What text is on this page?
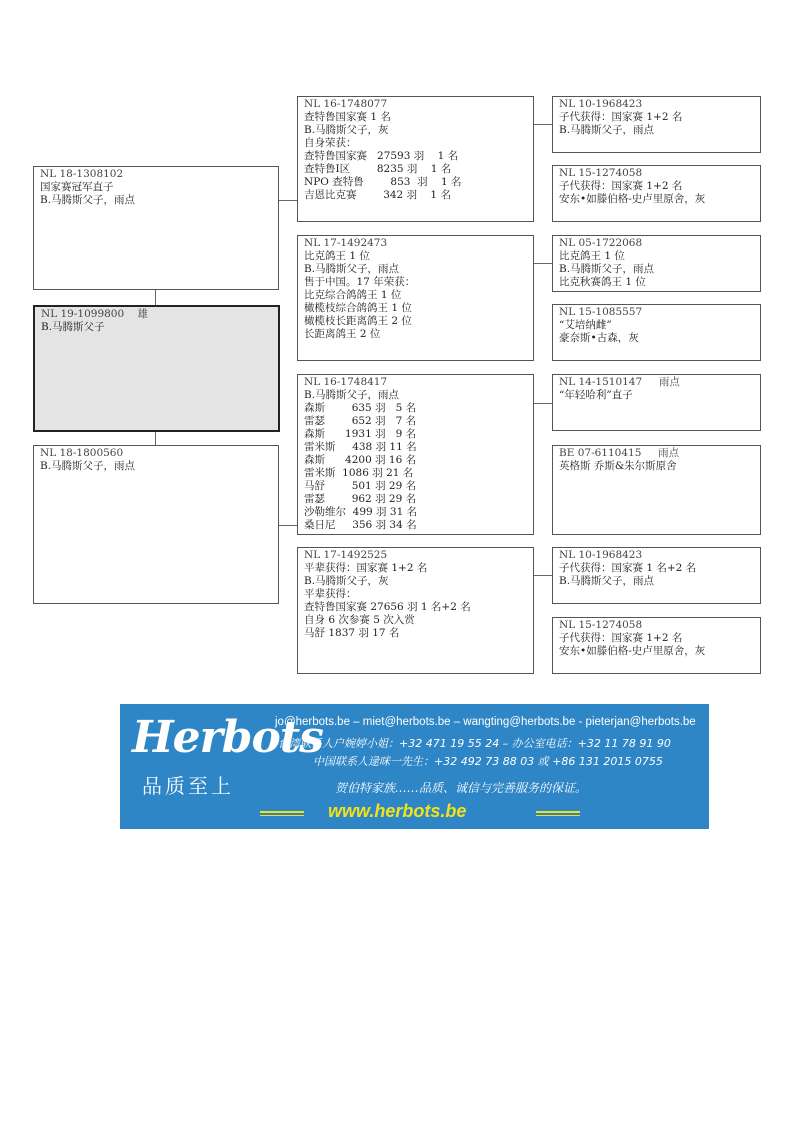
NL 18-1308102
国家赛冠军直子
B.马腾斯父子，雨点
NL 19-1099800    雄
B.马腾斯父子
NL 18-1800560
B.马腾斯父子，雨点
NL 16-1748077
查特鲁国家赛 1 名
B.马腾斯父子，灰
自身荣获：
查特鲁国家赛   27593 羽    1 名
查特鲁Ⅰ区        8235 羽    1 名
NPO 查特鲁        853  羽    1 名
吉恩比克赛        342 羽    1 名
NL 17-1492473
比克鸽王 1 位
B.马腾斯父子，雨点
售于中国。17 年荣获：
比克综合鸽鸽王 1 位
橄榄枝综合鸽鸽王 1 位
橄榄枝长距离鸽王 2 位
长距离鸽王 2 位
NL 16-1748417
B.马腾斯父子，雨点
森斯        635 羽   5 名
雷瑟        652 羽   7 名
森斯      1931 羽   9 名
雷米斯     438 羽 11 名
森斯      4200 羽 16 名
雷米斯  1086 羽 21 名
马舒        501 羽 29 名
雷瑟        962 羽 29 名
沙勒维尔  499 羽 31 名
桑日尼     356 羽 34 名
NL 17-1492525
平辈获得：国家赛 1+2 名
B.马腾斯父子，灰
平辈获得：
查特鲁国家赛 27656 羽 1 名+2 名
自身 6 次参赛 5 次入赏
马舒 1837 羽 17 名
NL 10-1968423
子代获得：国家赛 1+2 名
B.马腾斯父子，雨点
NL 15-1274058
子代获得：国家赛 1+2 名
安东•如滕伯格-史卢里原舍，灰
NL 05-1722068
比克鸽王 1 位
B.马腾斯父子，雨点
比克秋赛鸽王 1 位
NL 15-1085557
“艾培纳雌”
豪奈斯•古森，灰
NL 14-1510147     雨点
“年轻哈利”直子
BE 07-6110415     雨点
英格斯 乔斯&朱尔斯原舍
NL 10-1968423
子代获得：国家赛 1 名+2 名
B.马腾斯父子，雨点
NL 15-1274058
子代获得：国家赛 1+2 名
安东•如滕伯格-史卢里原舍，灰
Herbots
品质至上
jo@herbots.be – miet@herbots.be – wangting@herbots.be - pieterjan@herbots.be
台湾联系人户婉婷小姐：+32 471 19 55 24 – 办公室电话：+32 11 78 91 90
中国联系人逯咪一先生：+32 492 73 88 03 或 +86 131 2015 0755
贺伯特家族……品质、诚信与完善服务的保证。
www.herbots.be
